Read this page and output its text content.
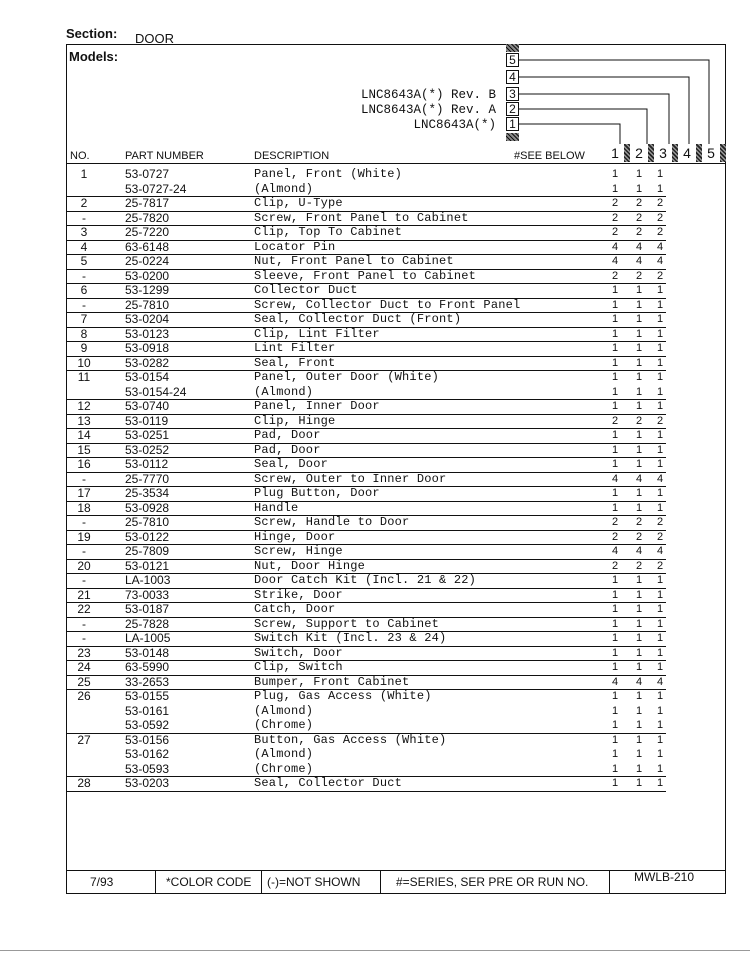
Section: DOOR
Models:
LNC8643A(*) Rev. B
LNC8643A(*) Rev. A
LNC8643A(*)
5
4
3
2
1
NO.	PART NUMBER	DESCRIPTION	#SEE BELOW	1	2	3	4	5
1	53-0727	Panel, Front (White)	1 1 1
53-0727-24	(Almond)	1 1 1
2	25-7817	Clip, U-Type	2 2 2
-	25-7820	Screw, Front Panel to Cabinet	2 2 2
3	25-7220	Clip, Top To Cabinet	2 2 2
4	63-6148	Locator Pin	4 4 4
5	25-0224	Nut, Front Panel to Cabinet	4 4 4
-	53-0200	Sleeve, Front Panel to Cabinet	2 2 2
6	53-1299	Collector Duct	1 1 1
-	25-7810	Screw, Collector Duct to Front Panel	1 1 1
7	53-0204	Seal, Collector Duct (Front)	1 1 1
8	53-0123	Clip, Lint Filter	1 1 1
9	53-0918	Lint Filter	1 1 1
10	53-0282	Seal, Front	1 1 1
11	53-0154	Panel, Outer Door (White)	1 1 1
53-0154-24	(Almond)	1 1 1
12	53-0740	Panel, Inner Door	1 1 1
13	53-0119	Clip, Hinge	2 2 2
14	53-0251	Pad, Door	1 1 1
15	53-0252	Pad, Door	1 1 1
16	53-0112	Seal, Door	1 1 1
-	25-7770	Screw, Outer to Inner Door	4 4 4
17	25-3534	Plug Button, Door	1 1 1
18	53-0928	Handle	1 1 1
-	25-7810	Screw, Handle to Door	2 2 2
19	53-0122	Hinge, Door	2 2 2
-	25-7809	Screw, Hinge	4 4 4
20	53-0121	Nut, Door Hinge	2 2 2
-	LA-1003	Door Catch Kit (Incl. 21 & 22)	1 1 1
21	73-0033	Strike, Door	1 1 1
22	53-0187	Catch, Door	1 1 1
-	25-7828	Screw, Support to Cabinet	1 1 1
-	LA-1005	Switch Kit (Incl. 23 & 24)	1 1 1
23	53-0148	Switch, Door	1 1 1
24	63-5990	Clip, Switch	1 1 1
25	33-2653	Bumper, Front Cabinet	4 4 4
26	53-0155	Plug, Gas Access (White)	1 1 1
53-0161	(Almond)	1 1 1
53-0592	(Chrome)	1 1 1
27	53-0156	Button, Gas Access (White)	1 1 1
53-0162	(Almond)	1 1 1
53-0593	(Chrome)	1 1 1
28	53-0203	Seal, Collector Duct	1 1 1
7/93	*COLOR CODE (-)=NOT SHOWN	#=SERIES, SER PRE OR RUN NO.	MWLB-210
